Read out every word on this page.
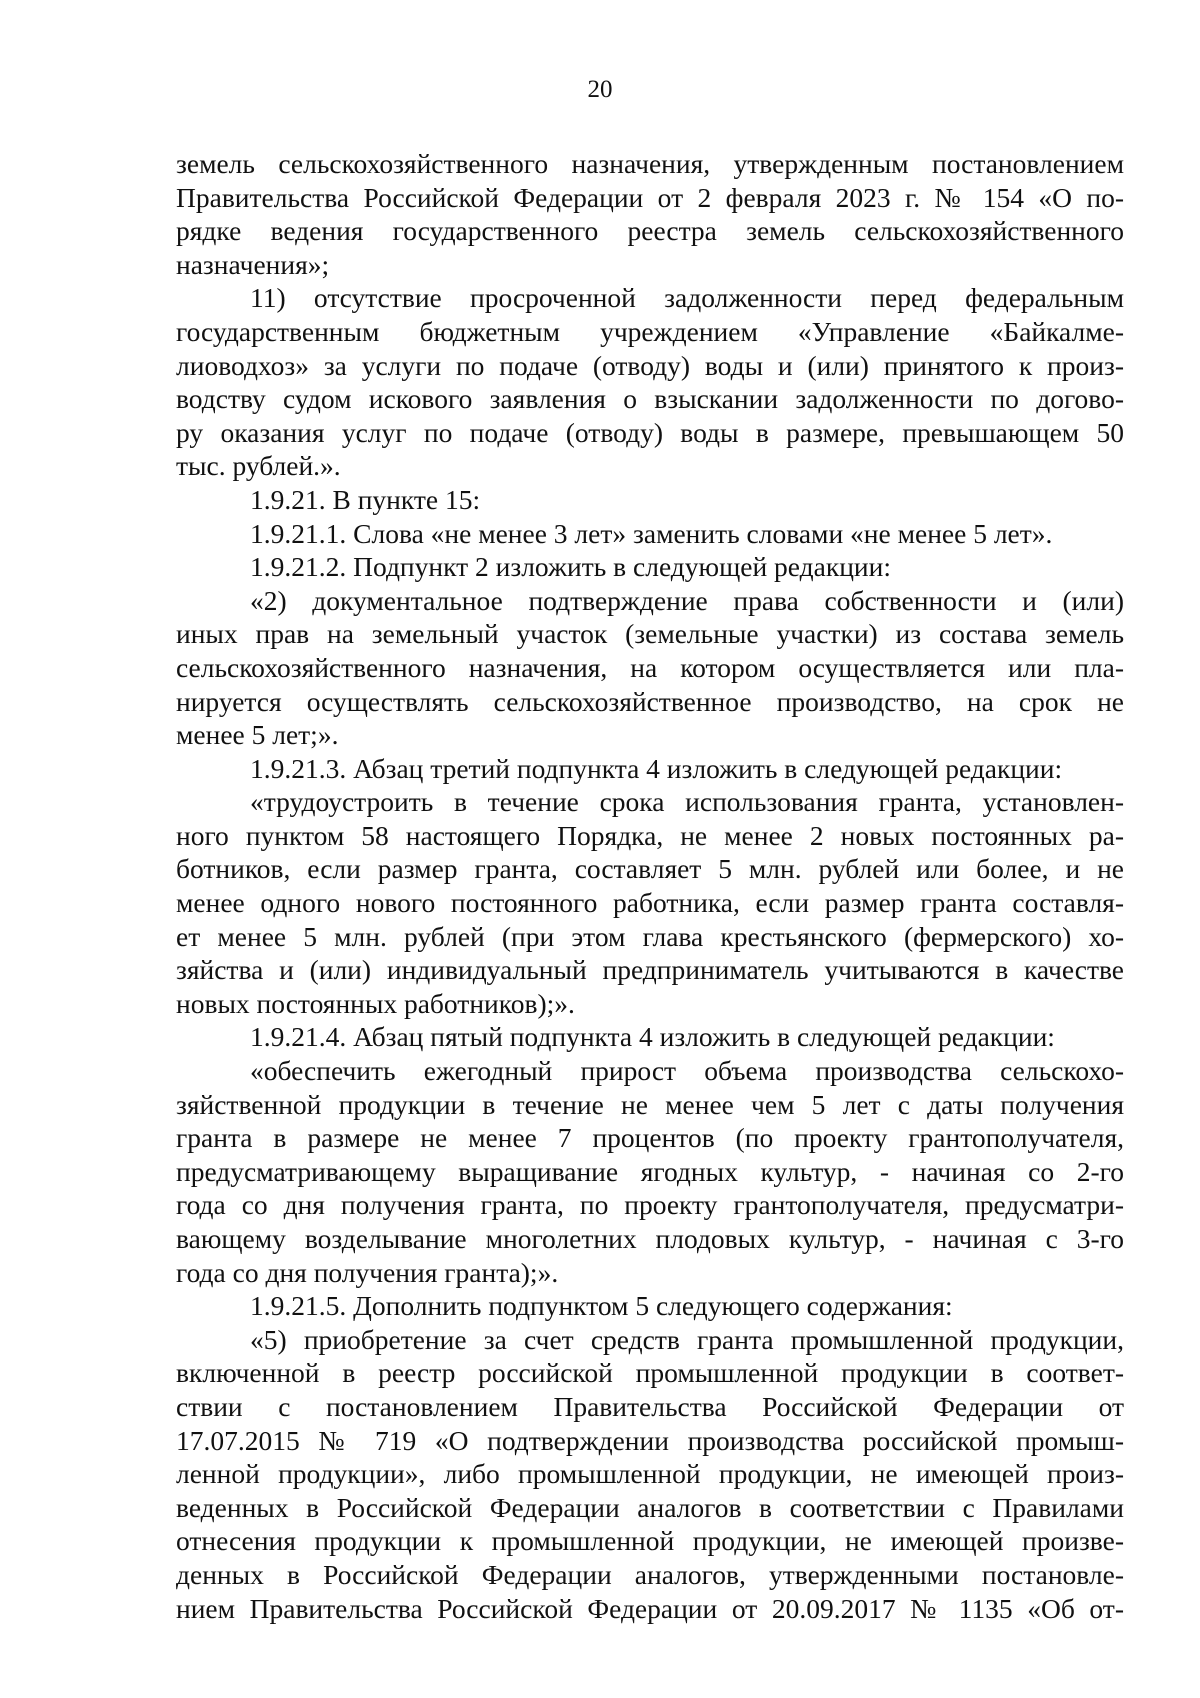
20

земель сельскохозяйственного назначения, утвержденным постановлением
Правительства Российской Федерации от 2 февраля 2023 г. № 154 «О по-
рядке ведения государственного реестра земель сельскохозяйственного
назначения»;

11) отсутствие просроченной задолженности перед федеральным
государственным бюджетным учреждением «Управление «Байкалме-
лиоводхоз» за услуги по подаче (отводу) воды и (или) принятого к произ-
водству судом искового заявления о взыскании задолженности по догово-
ру оказания услуг по подаче (отводу) воды в размере, превышающем 50
тыс. рублей.».

1.9.21. В пункте 15:

1.9.21.1. Слова «не менее 3 лет» заменить словами «не менее 5 лет».

1.9.21.2. Подпункт 2 изложить в следующей редакции:

«2) документальное подтверждение права собственности и (или)
иных прав на земельный участок (земельные участки) из состава земель
сельскохозяйственного назначения, на котором осуществляется или пла-
нируется осуществлять сельскохозяйственное производство, на срок не
менее 5 лет;».

1.9.21.3. Абзац третий подпункта 4 изложить в следующей редакции:

«трудоустроить в течение срока использования гранта, установлен-
ного пунктом 58 настоящего Порядка, не менее 2 новых постоянных ра-
ботников, если размер гранта, составляет 5 млн. рублей или более, и не
менее одного нового постоянного работника, если размер гранта составля-
ет менее 5 млн. рублей (при этом глава крестьянского (фермерского) хо-
зяйства и (или) индивидуальный предприниматель учитываются в качестве
новых постоянных работников);».

1.9.21.4. Абзац пятый подпункта 4 изложить в следующей редакции:

«обеспечить ежегодный прирост объема производства сельскохо-
зяйственной продукции в течение не менее чем 5 лет с даты получения
гранта в размере не менее 7 процентов (по проекту грантополучателя,
предусматривающему выращивание ягодных культур, - начиная со 2-го
года со дня получения гранта, по проекту грантополучателя, предусматри-
вающему возделывание многолетних плодовых культур, - начиная с 3-го
года со дня получения гранта);».

1.9.21.5. Дополнить подпунктом 5 следующего содержания:

«5) приобретение за счет средств гранта промышленной продукции,
включенной в реестр российской промышленной продукции в соответ-
ствии с постановлением Правительства Российской Федерации от
17.07.2015 № 719 «О подтверждении производства российской промыш-
ленной продукции», либо промышленной продукции, не имеющей произ-
веденных в Российской Федерации аналогов в соответствии с Правилами
отнесения продукции к промышленной продукции, не имеющей произве-
денных в Российской Федерации аналогов, утвержденными постановле-
нием Правительства Российской Федерации от 20.09.2017 № 1135 «Об от-
